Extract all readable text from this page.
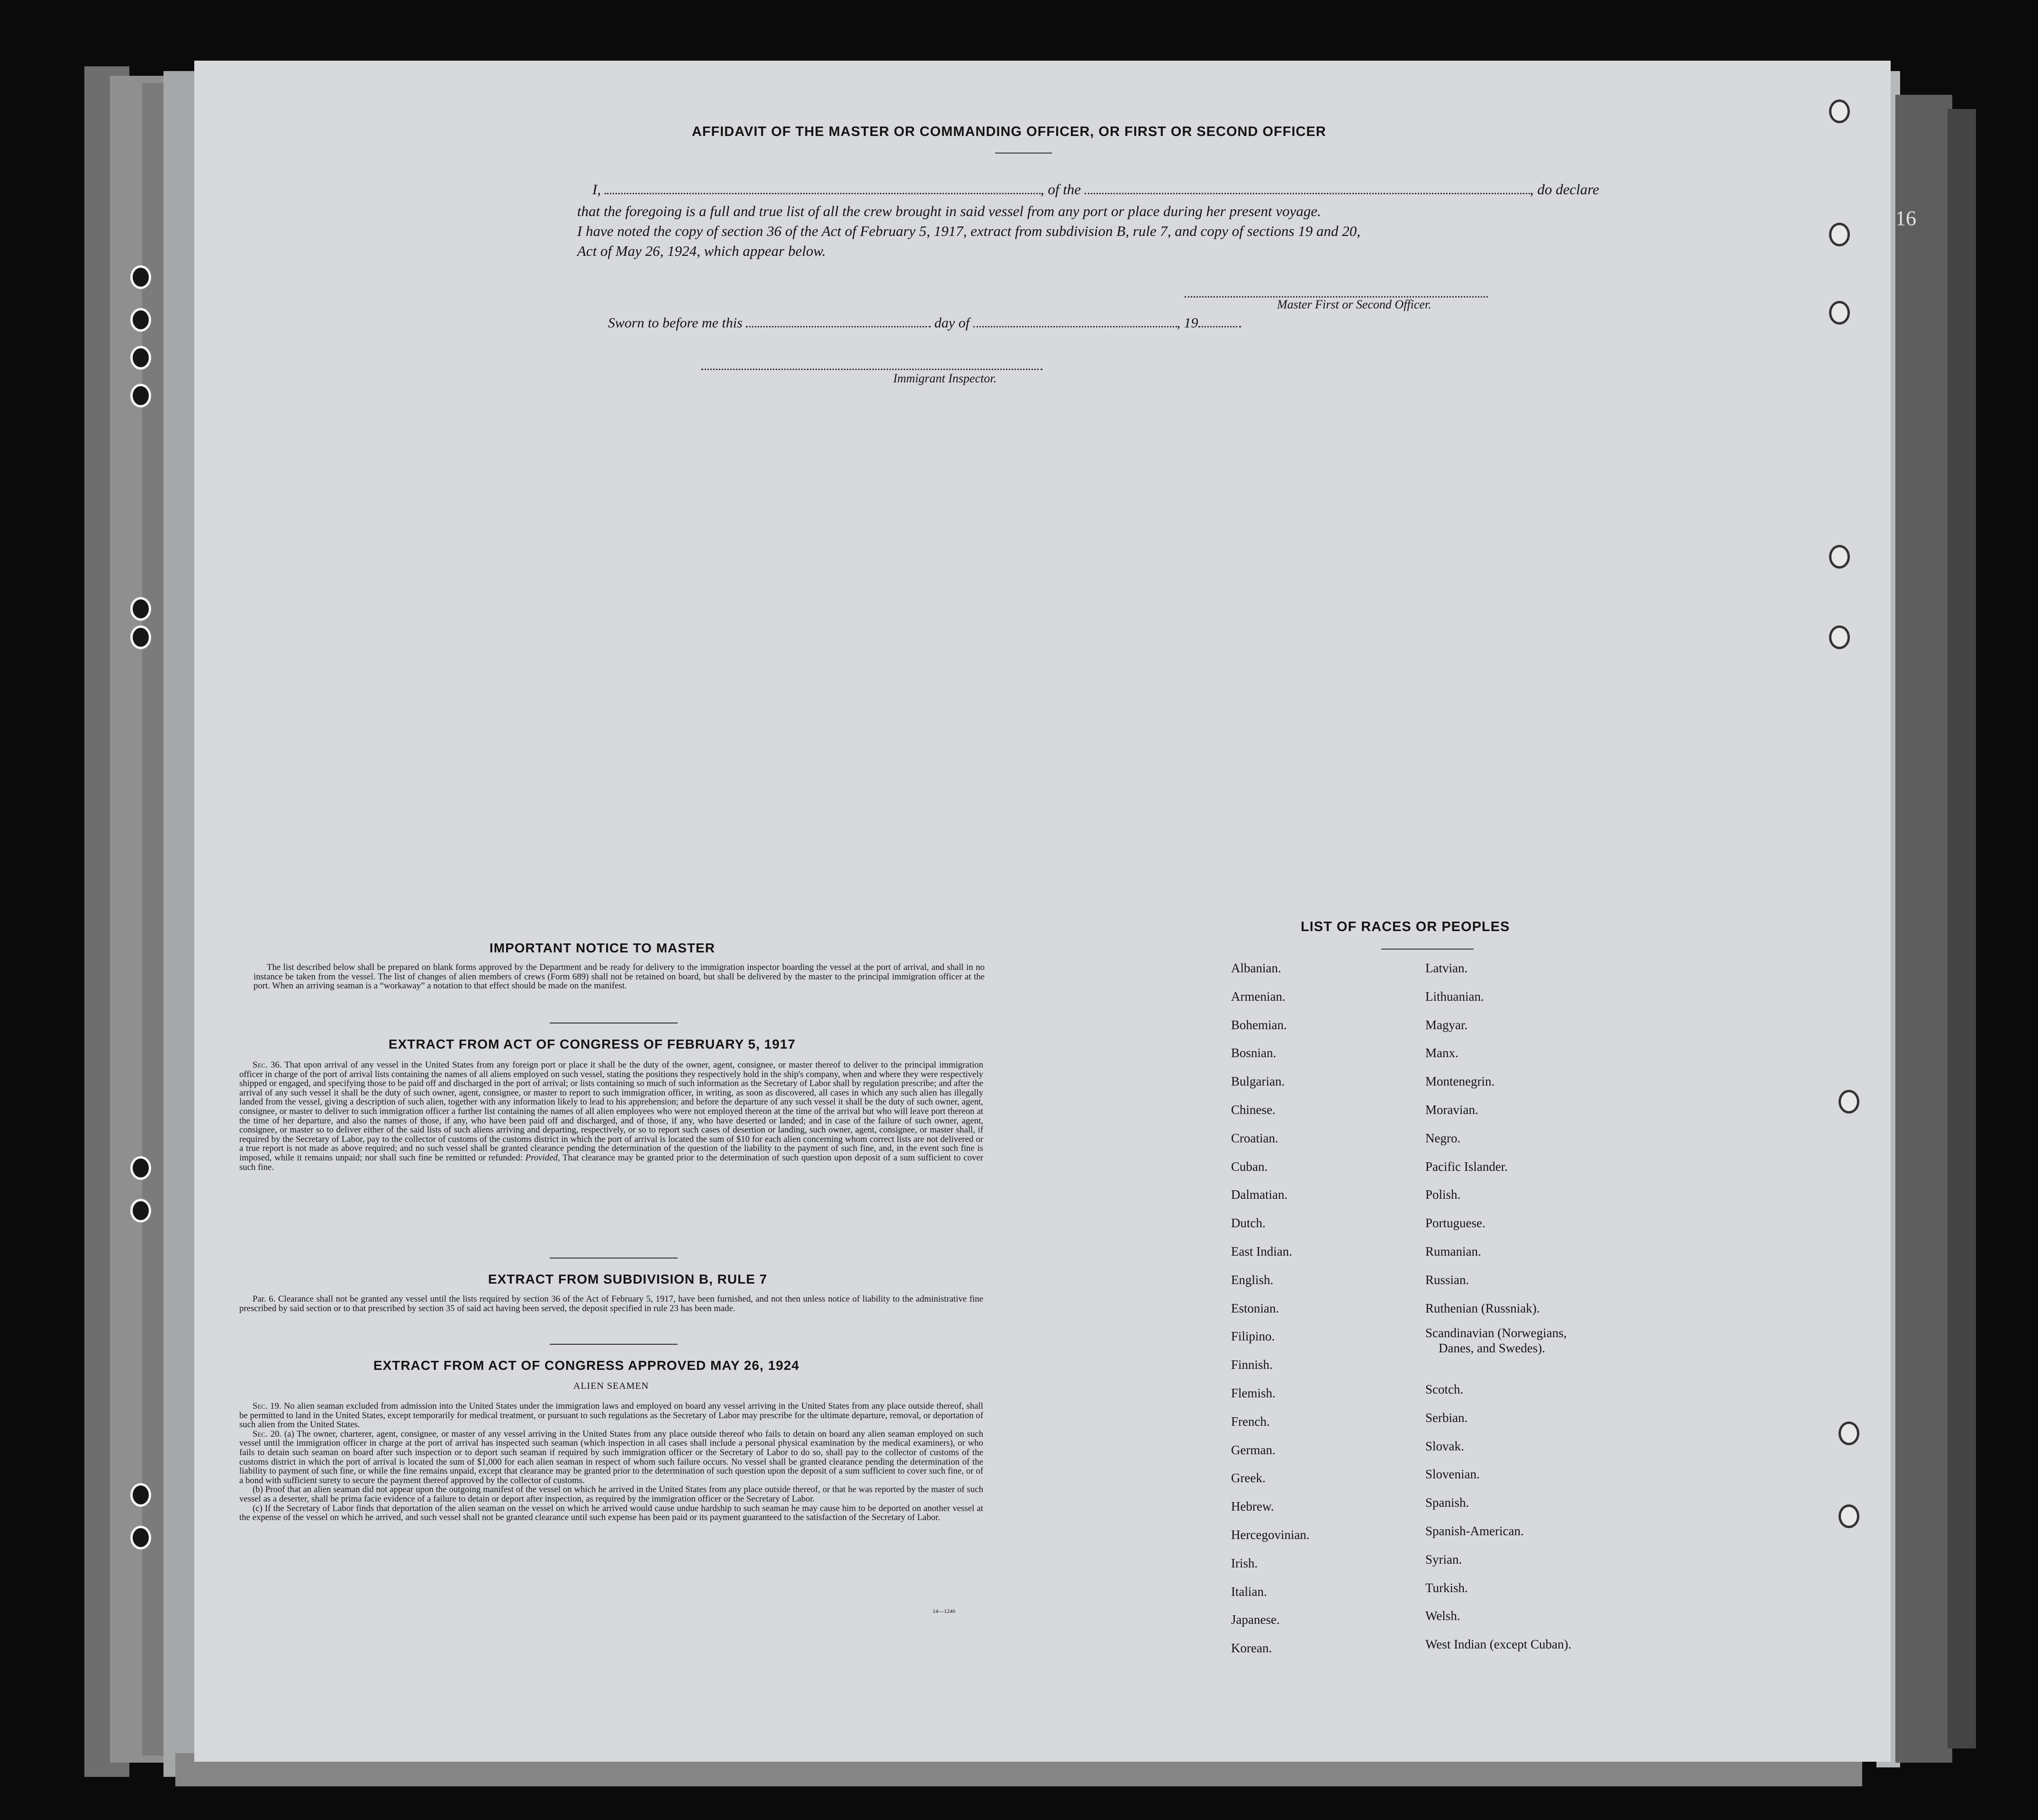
16
AFFIDAVIT OF THE MASTER OR COMMANDING OFFICER, OR FIRST OR SECOND OFFICER
I,	, of the	, do declare
that the foregoing is a full and true list of all the crew brought in said vessel from any port or place during her present voyage.
I have noted the copy of section 36 of the Act of February 5, 1917, extract from subdivision B, rule 7, and copy of sections 19 and 20,
Act of May 26, 1924, which appear below.
Master First or Second Officer.
Sworn to before me this	day of	, 19
Immigrant Inspector.
IMPORTANT NOTICE TO MASTER

The list described below shall be prepared on blank forms approved by the Department and be ready for delivery to the immigration inspector boarding the vessel at the port of arrival, and shall in no instance be taken from the vessel. The list of changes of alien members of crews (Form 689) shall not be retained on board, but shall be delivered by the master to the principal immigration officer at the port. When an arriving seaman is a “workaway” a notation to that effect should be made on the manifest.

EXTRACT FROM ACT OF CONGRESS OF FEBRUARY 5, 1917

Sec. 36. That upon arrival of any vessel in the United States from any foreign port or place it shall be the duty of the owner, agent, consignee, or master thereof to deliver to the principal immigration officer in charge of the port of arrival lists containing the names of all aliens employed on such vessel, stating the positions they respectively hold in the ship's company, when and where they were respectively shipped or engaged, and specifying those to be paid off and discharged in the port of arrival; or lists containing so much of such information as the Secretary of Labor shall by regulation prescribe; and after the arrival of any such vessel it shall be the duty of such owner, agent, consignee, or master to report to such immigration officer, in writing, as soon as discovered, all cases in which any such alien has illegally landed from the vessel, giving a description of such alien, together with any information likely to lead to his apprehension; and before the departure of any such vessel it shall be the duty of such owner, agent, consignee, or master to deliver to such immigration officer a further list containing the names of all alien employees who were not employed thereon at the time of the arrival but who will leave port thereon at the time of her departure, and also the names of those, if any, who have been paid off and discharged, and of those, if any, who have deserted or landed; and in case of the failure of such owner, agent, consignee, or master so to deliver either of the said lists of such aliens arriving and departing, respectively, or so to report such cases of desertion or landing, such owner, agent, consignee, or master shall, if required by the Secretary of Labor, pay to the collector of customs of the customs district in which the port of arrival is located the sum of $10 for each alien concerning whom correct lists are not delivered or a true report is not made as above required; and no such vessel shall be granted clearance pending the determination of the question of the liability to the payment of such fine, and, in the event such fine is imposed, while it remains unpaid; nor shall such fine be remitted or refunded: Provided, That clearance may be granted prior to the determination of such question upon deposit of a sum sufficient to cover such fine.

EXTRACT FROM SUBDIVISION B, RULE 7

Par. 6. Clearance shall not be granted any vessel until the lists required by section 36 of the Act of February 5, 1917, have been furnished, and not then unless notice of liability to the administrative fine prescribed by said section or to that prescribed by section 35 of said act having been served, the deposit specified in rule 23 has been made.

EXTRACT FROM ACT OF CONGRESS APPROVED MAY 26, 1924
ALIEN SEAMEN

Sec. 19. No alien seaman excluded from admission into the United States under the immigration laws and employed on board any vessel arriving in the United States from any place outside thereof, shall be permitted to land in the United States, except temporarily for medical treatment, or pursuant to such regulations as the Secretary of Labor may prescribe for the ultimate departure, removal, or deportation of such alien from the United States.

Sec. 20. (a) The owner, charterer, agent, consignee, or master of any vessel arriving in the United States from any place outside thereof who fails to detain on board any alien seaman employed on such vessel until the immigration officer in charge at the port of arrival has inspected such seaman (which inspection in all cases shall include a personal physical examination by the medical examiners), or who fails to detain such seaman on board after such inspection or to deport such seaman if required by such immigration officer or the Secretary of Labor to do so, shall pay to the collector of customs of the customs district in which the port of arrival is located the sum of $1,000 for each alien seaman in respect of whom such failure occurs. No vessel shall be granted clearance pending the determination of the liability to payment of such fine, or while the fine remains unpaid, except that clearance may be granted prior to the determination of such question upon the deposit of a sum sufficient to cover such fine, or of a bond with sufficient surety to secure the payment thereof approved by the collector of customs.

(b) Proof that an alien seaman did not appear upon the outgoing manifest of the vessel on which he arrived in the United States from any place outside thereof, or that he was reported by the master of such vessel as a deserter, shall be prima facie evidence of a failure to detain or deport after inspection, as required by the immigration officer or the Secretary of Labor.

(c) If the Secretary of Labor finds that deportation of the alien seaman on the vessel on which he arrived would cause undue hardship to such seaman he may cause him to be deported on another vessel at the expense of the vessel on which he arrived, and such vessel shall not be granted clearance until such expense has been paid or its payment guaranteed to the satisfaction of the Secretary of Labor.

14—1240
LIST OF RACES OR PEOPLES
Albanian.
Armenian.
Bohemian.
Bosnian.
Bulgarian.
Chinese.
Croatian.
Cuban.
Dalmatian.
Dutch.
East Indian.
English.
Estonian.
Filipino.
Finnish.
Flemish.
French.
German.
Greek.
Hebrew.
Hercegovinian.
Irish.
Italian.
Japanese.
Korean.
Latvian.
Lithuanian.
Magyar.
Manx.
Montenegrin.
Moravian.
Negro.
Pacific Islander.
Polish.
Portuguese.
Rumanian.
Russian.
Ruthenian (Russniak).
Scandinavian (Norwegians,
Danes, and Swedes).
Scotch.
Serbian.
Slovak.
Slovenian.
Spanish.
Spanish-American.
Syrian.
Turkish.
Welsh.
West Indian (except Cuban).
